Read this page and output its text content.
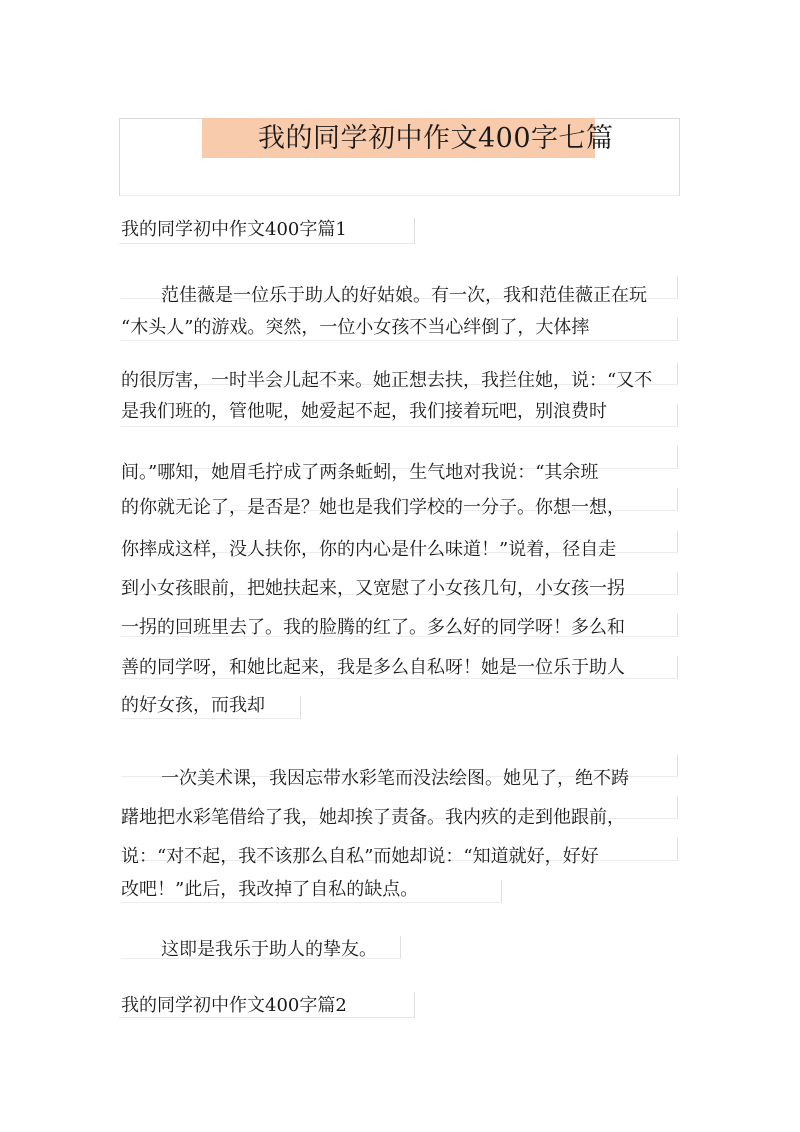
我的同学初中作文400字七篇
我的同学初中作文400字篇1
范佳薇是一位乐于助人的好姑娘。有一次，我和范佳薇正在玩
“木头人”的游戏。突然，一位小女孩不当心绊倒了，大体摔
的很厉害，一时半会儿起不来。她正想去扶，我拦住她，说：“又不
是我们班的，管他呢，她爱起不起，我们接着玩吧，别浪费时
间。”哪知，她眉毛拧成了两条蚯蚓，生气地对我说：“其余班
的你就无论了，是否是？她也是我们学校的一分子。你想一想，
你摔成这样，没人扶你，你的内心是什么味道！”说着，径自走
到小女孩眼前，把她扶起来，又宽慰了小女孩几句，小女孩一拐
一拐的回班里去了。我的脸腾的红了。多么好的同学呀！多么和
善的同学呀，和她比起来，我是多么自私呀！她是一位乐于助人
的好女孩，而我却
一次美术课，我因忘带水彩笔而没法绘图。她见了，绝不踌
躇地把水彩笔借给了我，她却挨了责备。我内疚的走到他跟前，
说：“对不起，我不该那么自私”而她却说：“知道就好，好好
改吧！”此后，我改掉了自私的缺点。
这即是我乐于助人的挚友。
我的同学初中作文400字篇2
